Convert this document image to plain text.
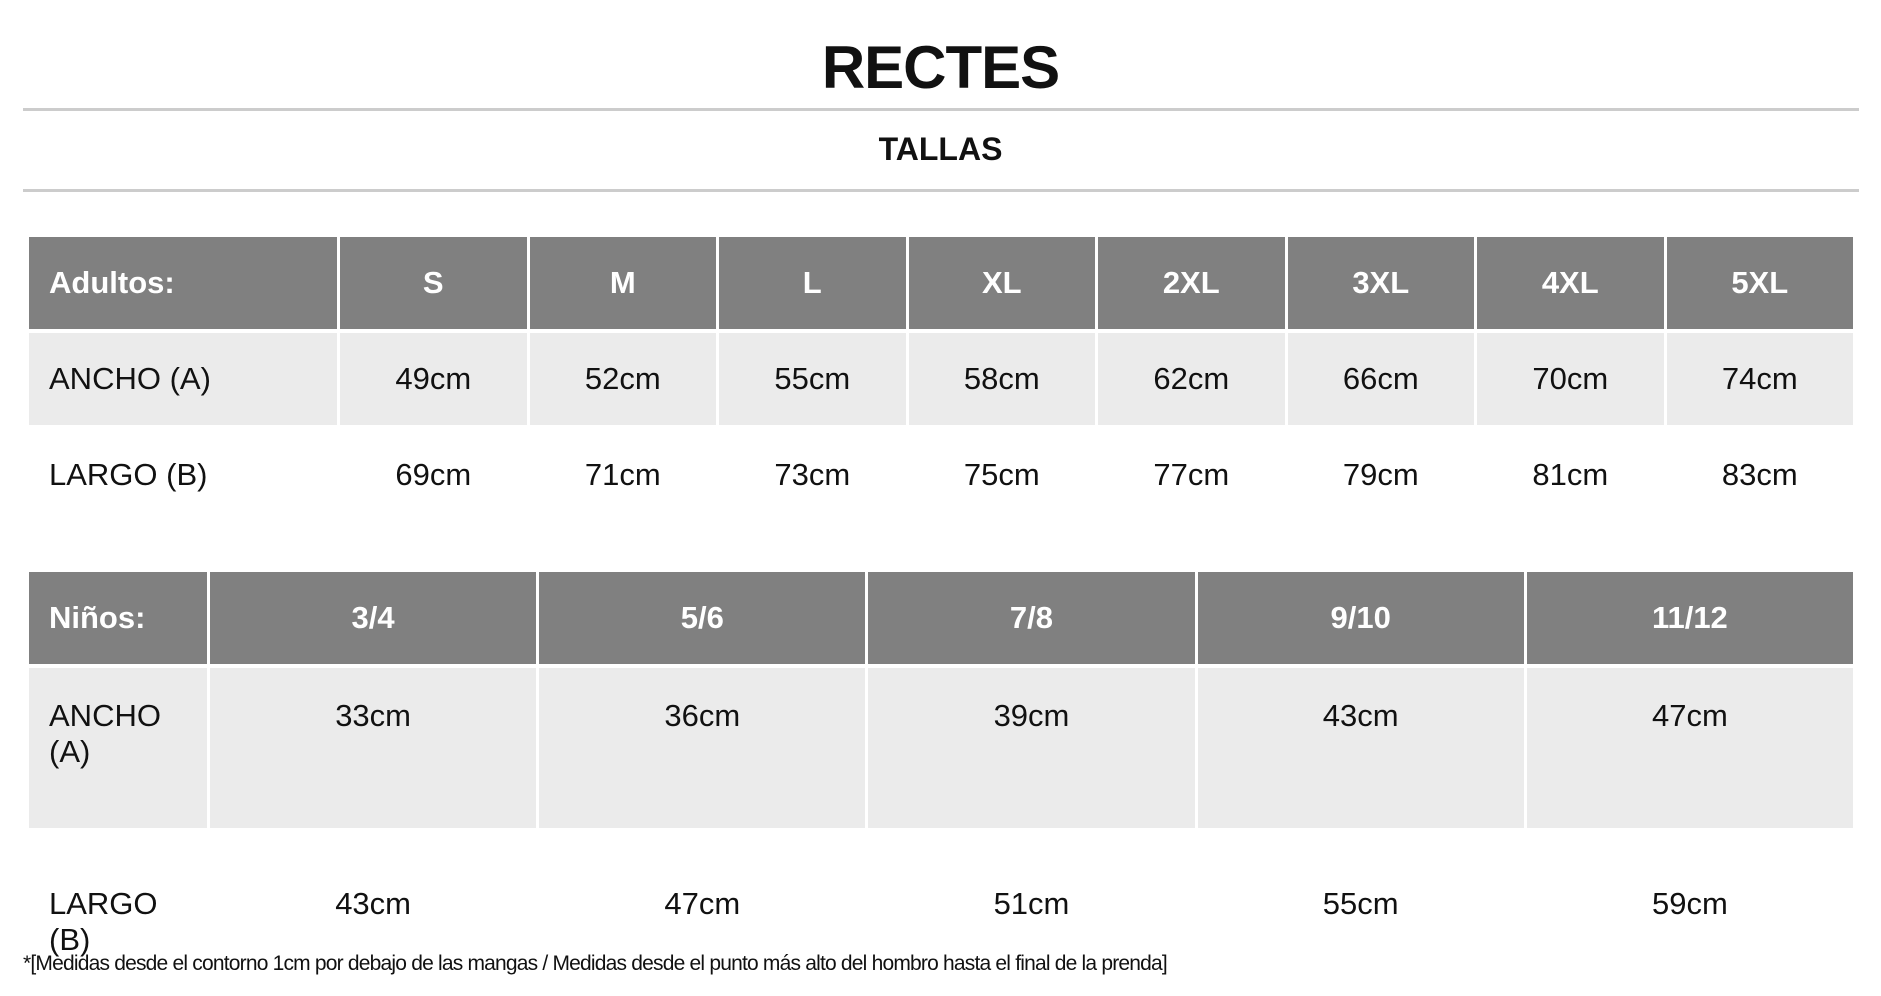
RECTES
TALLAS
Adultos:	S	M	L	XL	2XL	3XL	4XL	5XL
ANCHO (A)	49cm	52cm	55cm	58cm	62cm	66cm	70cm	74cm
LARGO (B)	69cm	71cm	73cm	75cm	77cm	79cm	81cm	83cm
Niños:	3/4	5/6	7/8	9/10	11/12
ANCHO (A)	33cm	36cm	39cm	43cm	47cm
LARGO (B)	43cm	47cm	51cm	55cm	59cm
*[Medidas desde el contorno 1cm por debajo de las mangas / Medidas desde el punto más alto del hombro hasta el final de la prenda]
